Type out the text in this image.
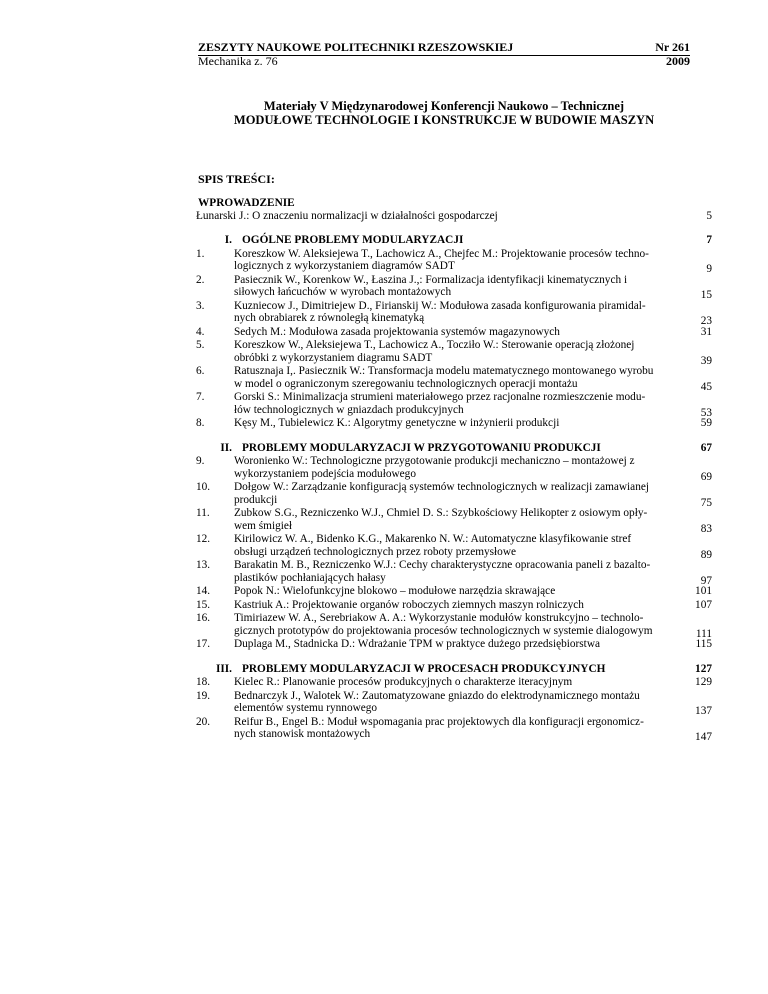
ZESZYTY NAUKOWE POLITECHNIKI RZESZOWSKIEJ	Nr 261
Mechanika z. 76	2009
Materiały V Międzynarodowej Konferencji Naukowo – Technicznej
MODUŁOWE TECHNOLOGIE I KONSTRUKCJE W BUDOWIE MASZYN
SPIS TREŚCI:
WPROWADZENIE
Łunarski J.: O znaczeniu normalizacji w działalności gospodarczej	5
I. OGÓLNE PROBLEMY MODULARYZACJI	7
1.	Koreszkow W. Aleksiejewa T., Lachowicz A., Chejfec M.: Projektowanie procesów techno-
logicznych z wykorzystaniem diagramów SADT	9
2.	Pasiecznik W., Korenkow W., Łaszina J.,: Formalizacja identyfikacji kinematycznych i
siłowych łańcuchów w wyrobach montażowych	15
3.	Kuzniecow J., Dimitriejew D., Firianskij W.: Modułowa zasada konfigurowania piramidal-
nych obrabiarek z równoległą kinematyką	23
4.	Sedych M.: Modułowa zasada projektowania systemów magazynowych	31
5.	Koreszkow W., Aleksiejewa T., Lachowicz A., Tocziło W.: Sterowanie operacją złożonej
obróbki z wykorzystaniem diagramu SADT	39
6.	Ratusznaja I,. Pasiecznik W.: Transformacja modelu matematycznego montowanego wyrobu
w model o ograniczonym szeregowaniu technologicznych operacji montażu	45
7.	Gorski S.: Minimalizacja strumieni materiałowego przez racjonalne rozmieszczenie modu-
łów technologicznych w gniazdach produkcyjnych	53
8.	Kęsy M., Tubielewicz K.: Algorytmy genetyczne w inżynierii produkcji	59
II. PROBLEMY MODULARYZACJI W PRZYGOTOWANIU PRODUKCJI	67
9.	Woronienko W.: Technologiczne przygotowanie produkcji mechaniczno – montażowej z
wykorzystaniem podejścia modułowego	69
10.	Dołgow W.: Zarządzanie konfiguracją systemów technologicznych w realizacji zamawianej
produkcji	75
11.	Zubkow S.G., Rezniczenko W.J., Chmiel D. S.: Szybkościowy Helikopter z osiowym opły-
wem śmigieł	83
12.	Kirilowicz W. A., Bidenko K.G., Makarenko N. W.: Automatyczne klasyfikowanie stref
obsługi urządzeń technologicznych przez roboty przemysłowe	89
13.	Barakatin M. B., Rezniczenko W.J.: Cechy charakterystyczne opracowania paneli z bazalto-
plastików pochłaniających hałasy	97
14.	Popok N.: Wielofunkcyjne blokowo – modułowe narzędzia skrawające	101
15.	Kastriuk A.: Projektowanie organów roboczych ziemnych maszyn rolniczych	107
16.	Timiriazew W. A., Serebriakow A. A.: Wykorzystanie modułów konstrukcyjno – technolo-
gicznych prototypów do projektowania procesów technologicznych w systemie dialogowym	111
17.	Duplaga M., Stadnicka D.: Wdrażanie TPM w praktyce dużego przedsiębiorstwa	115
III. PROBLEMY MODULARYZACJI W PROCESACH PRODUKCYJNYCH	127
18.	Kielec R.: Planowanie procesów produkcyjnych o charakterze iteracyjnym	129
19.	Bednarczyk J., Walotek W.: Zautomatyzowane gniazdo do elektrodynamicznego montażu
elementów systemu rynnowego	137
20.	Reifur B., Engel B.: Moduł wspomagania prac projektowych dla konfiguracji ergonomicz-
nych stanowisk montażowych	147
